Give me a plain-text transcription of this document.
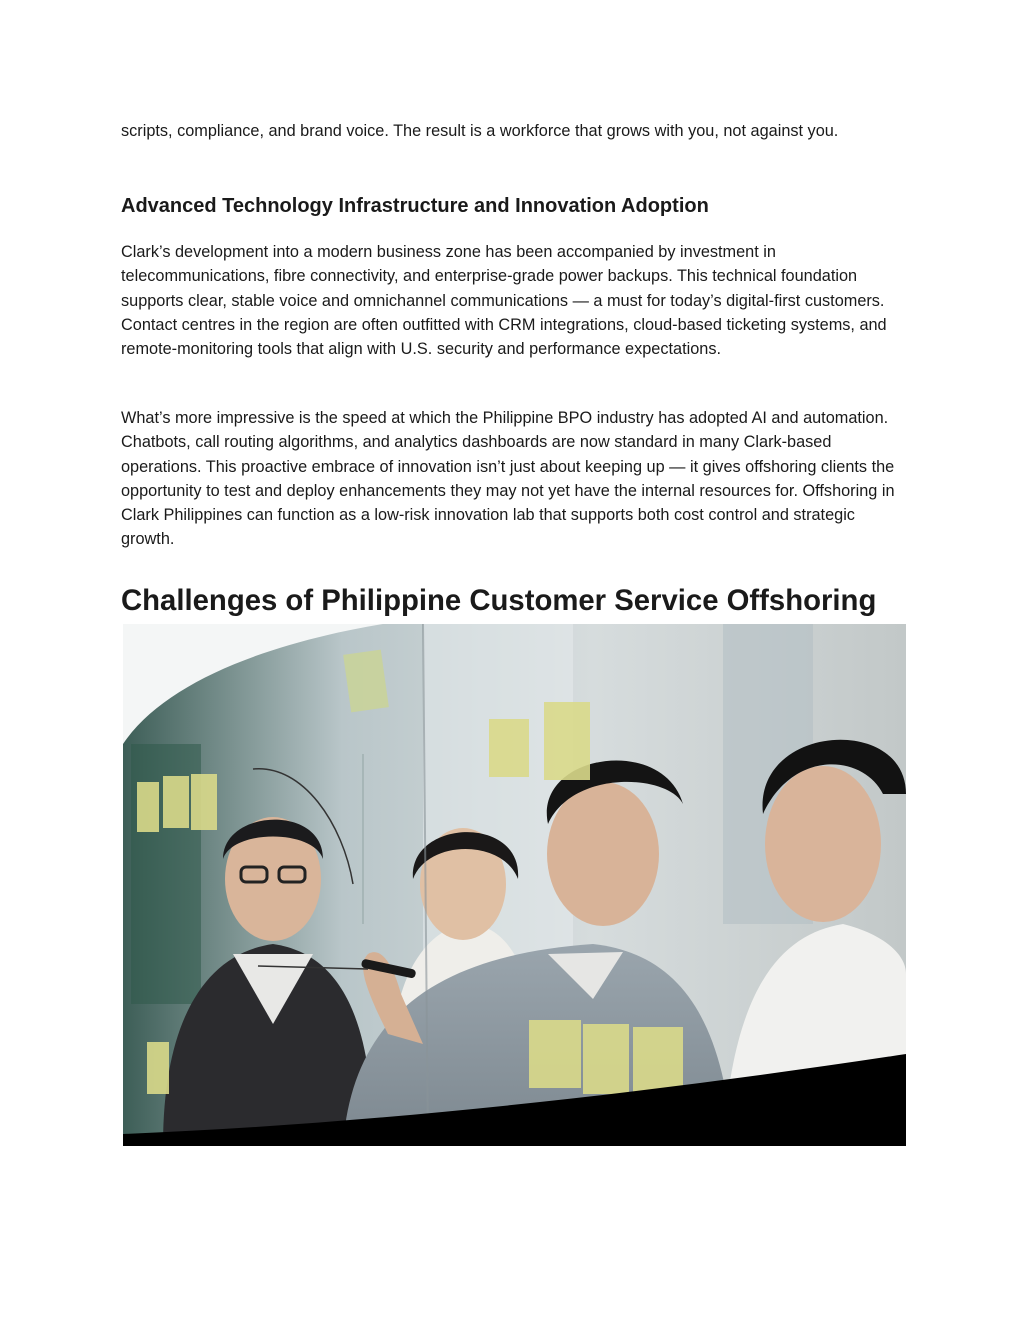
scripts, compliance, and brand voice. The result is a workforce that grows with you, not against you.

Advanced Technology Infrastructure and Innovation Adoption

Clark’s development into a modern business zone has been accompanied by investment in telecommunications, fibre connectivity, and enterprise-grade power backups. This technical foundation supports clear, stable voice and omnichannel communications — a must for today’s digital-first customers. Contact centres in the region are often outfitted with CRM integrations, cloud-based ticketing systems, and remote-monitoring tools that align with U.S. security and performance expectations.

What’s more impressive is the speed at which the Philippine BPO industry has adopted AI and automation. Chatbots, call routing algorithms, and analytics dashboards are now standard in many Clark-based operations. This proactive embrace of innovation isn’t just about keeping up — it gives offshoring clients the opportunity to test and deploy enhancements they may not yet have the internal resources for. Offshoring in Clark Philippines can function as a low-risk innovation lab that supports both cost control and strategic growth.

Challenges of Philippine Customer Service Offshoring
